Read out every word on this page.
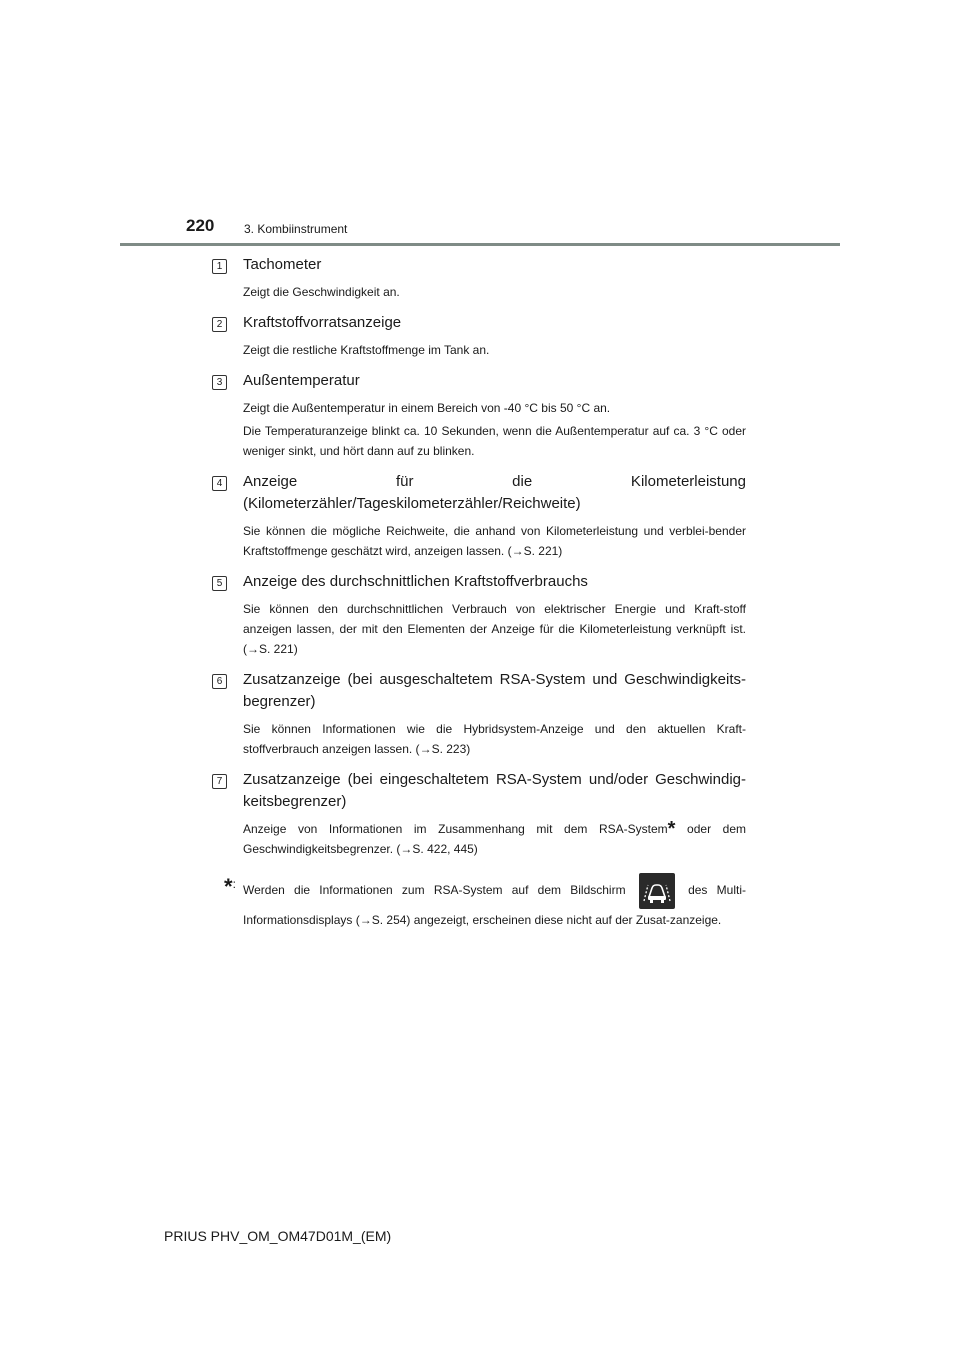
220 3. Kombiinstrument
1	Tachometer
Zeigt die Geschwindigkeit an.
2	Kraftstoffvorratsanzeige
Zeigt die restliche Kraftstoffmenge im Tank an.
3	Außentemperatur
Zeigt die Außentemperatur in einem Bereich von -40 °C bis 50 °C an.
Die Temperaturanzeige blinkt ca. 10 Sekunden, wenn die Außentemperatur auf ca. 3 °C oder weniger sinkt, und hört dann auf zu blinken.
4	Anzeige für die Kilometerleistung (Kilometerzähler/Tageskilometerzähler/Reichweite)
Sie können die mögliche Reichweite, die anhand von Kilometerleistung und verblei-bender Kraftstoffmenge geschätzt wird, anzeigen lassen. (→S. 221)
5	Anzeige des durchschnittlichen Kraftstoffverbrauchs
Sie können den durchschnittlichen Verbrauch von elektrischer Energie und Kraft-stoff anzeigen lassen, der mit den Elementen der Anzeige für die Kilometerleistung verknüpft ist. (→S. 221)
6	Zusatzanzeige (bei ausgeschaltetem RSA-System und Geschwindigkeits-begrenzer)
Sie können Informationen wie die Hybridsystem-Anzeige und den aktuellen Kraft-stoffverbrauch anzeigen lassen. (→S. 223)
7	Zusatzanzeige (bei eingeschaltetem RSA-System und/oder Geschwindig-keitsbegrenzer)
Anzeige von Informationen im Zusammenhang mit dem RSA-System* oder dem Geschwindigkeitsbegrenzer. (→S. 422, 445)
*: Werden die Informationen zum RSA-System auf dem Bildschirm	des Multi-Informationsdisplays (→S. 254) angezeigt, erscheinen diese nicht auf der Zusat-zanzeige.
PRIUS PHV_OM_OM47D01M_(EM)
